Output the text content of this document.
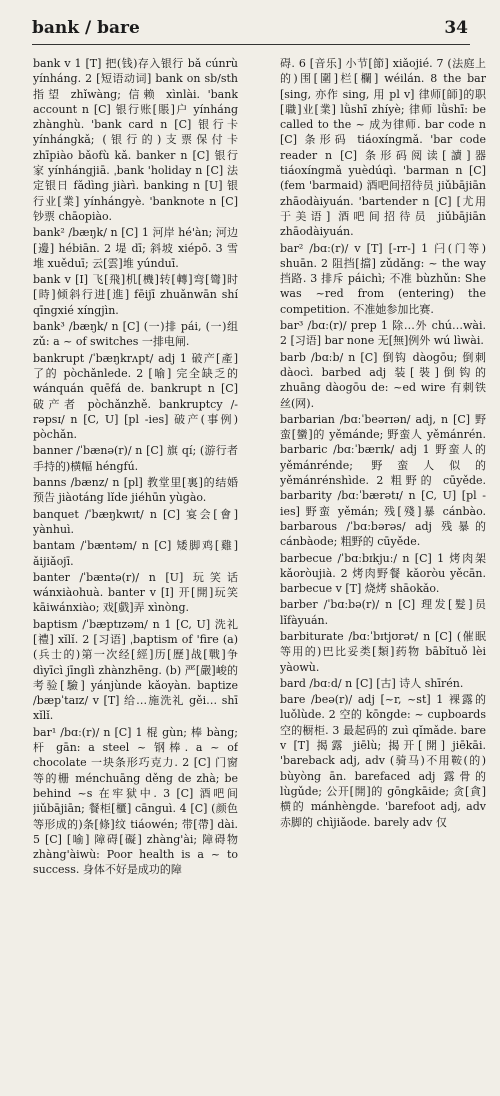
bank / bare	34

bank v 1 [T] 把(钱)存入银行 bǎ cúnrù yínháng. 2 [短语动词] bank on sb/sth 指望 zhǐwàng; 信赖 xìnlài. 'bank account n [C] 银行账[賬]户 yínháng zhànghù. 'bank card n [C] 银行卡 yínhángkǎ; (银行的)支票保付卡 zhīpiào bǎofù kǎ. banker n [C] 银行家 yínhángjiā. ˌbank 'holiday n [C] 法定银日 fǎdìng jiàrì. banking n [U] 银行业[業] yínhángyè. 'banknote n [C] 钞票 chāopiào.

bank² /bæŋk/ n [C] 1 河岸 hé'àn; 河边[邊] hébiān. 2 堤 dī; 斜坡 xiépō. 3 雪堆 xuěduī; 云[雲]堆 yúnduī.

bank v [I] 飞[飛]机[機]转[轉]弯[彎]时[時]倾斜行进[進] fēijī zhuǎnwān shí qīngxié xíngjìn.

bank³ /bæŋk/ n [C] (一)排 pái, (一)组 zǔ: a ~ of switches 一排电闸.

bankrupt /ˈbæŋkrʌpt/ adj 1 破产[產]了的 pòchǎnlede. 2 [喻] 完全缺乏的 wánquán quēfá de. bankrupt n [C] 破产者 pòchǎnzhě. bankruptcy /-rəpsɪ/ n [C, U] [pl -ies] 破产(事例) pòchǎn.

banner /ˈbænə(r)/ n [C] 旗 qí; (游行者手持的)横幅 héngfú.

banns /bænz/ n [pl] 教堂里[裏]的结婚预告 jiàotáng lǐde jiéhūn yùgào.

banquet /ˈbæŋkwɪt/ n [C] 宴会[會] yànhuì.

bantam /ˈbæntəm/ n [C] 矮脚鸡[雞] ǎijiǎojī.

banter /ˈbæntə(r)/ n [U] 玩笑话 wánxiàohuà. banter v [I] 开[開]玩笑 kāiwánxiào; 戏[戲]弄 xìnòng.

baptism /ˈbæptɪzəm/ n 1 [C, U] 洗礼[禮] xǐlǐ. 2 [习语] ˌbaptism of 'fire (a) (兵士的)第一次经[經]历[歷]战[戰]争 dìyīcì jīnglì zhànzhēng. (b) 严[嚴]峻的考验[驗] yánjùnde kǎoyàn. baptize /bæpˈtaɪz/ v [T] 给…施洗礼 gěi… shī xǐlǐ.

bar¹ /bɑː(r)/ n [C] 1 棍 gùn; 棒 bàng; 杆 gān: a steel ~ 钢棒. a ~ of chocolate 一块条形巧克力. 2 [C] 门窗等的栅 ménchuāng děng de zhà; be behind ~s 在牢狱中. 3 [C] 酒吧间 jiǔbājiān; 餐柜[櫃] cānguì. 4 [C] (颜色等形成的)条[條]纹 tiáowén; 带[帶] dài. 5 [C] [喻] 障碍[礙] zhàng'ài; 障碍物 zhàng'àiwù: Poor health is a ~ to success. 身体不好是成功的障

碍. 6 [音乐] 小节[節] xiǎojié. 7 (法庭上的)围[圍]栏[欄] wéilán. 8 the bar [sing, 亦作 sing, 用 pl v] 律师[師]的职[職]业[業] lǜshī zhíyè; 律师 lǜshī: be called to the ~ 成为律师. bar code n [C] 条形码 tiáoxíngmǎ. 'bar code reader n [C] 条形码阅读[讀]器 tiáoxíngmǎ yuèdúqì. 'barman n [C] (fem 'barmaid) 酒吧间招待员 jiǔbājiān zhāodàiyuán. 'bartender n [C] [尤用于美语] 酒吧间招待员 jiǔbājiān zhāodàiyuán.

bar² /bɑː(r)/ v [T] [-rr-] 1 闩(门等) shuān. 2 阻挡[擋] zǔdǎng: ~ the way 挡路. 3 排斥 páichì; 不准 bùzhǔn: She was ~red from (entering) the competition. 不准她参加比赛.

bar³ /bɑː(r)/ prep 1 除…外 chú…wài. 2 [习语] bar none 无[無]例外 wú lìwài.

barb /bɑːb/ n [C] 倒钩 dàogōu; 倒刺 dàocì. barbed adj 装[裝]倒钩的 zhuāng dàogōu de: ~ed wire 有刺铁丝(网).

barbarian /bɑːˈbeərɪən/ adj, n [C] 野蛮[蠻]的 yěmánde; 野蛮人 yěmánrén. barbaric /bɑːˈbærɪk/ adj 1 野蛮人的 yěmánrénde; 野蛮人似的 yěmánrénshìde. 2 粗野的 cūyěde. barbarity /bɑːˈbærətɪ/ n [C, U] [pl -ies] 野蛮 yěmán; 残[殘]暴 cánbào. barbarous /ˈbɑːbərəs/ adj 残暴的 cánbàode; 粗野的 cūyěde.

barbecue /ˈbɑːbɪkjuː/ n [C] 1 烤肉架 kǎoròujià. 2 烤肉野餐 kǎoròu yěcān. barbecue v [T] 烧烤 shāokǎo.

barber /ˈbɑːbə(r)/ n [C] 理发[髮]员 lǐfàyuán.

barbiturate /bɑːˈbɪtjʊrət/ n [C] (催眠等用的)巴比妥类[類]药物 bābǐtuǒ lèi yàowù.

bard /bɑːd/ n [C] [古] 诗人 shīrén.

bare /beə(r)/ adj [~r, ~st] 1 裸露的 luǒlùde. 2 空的 kōngde: ~ cupboards 空的橱柜. 3 最起码的 zuì qǐmǎde. bare v [T] 揭露 jiēlù; 揭开[開] jiēkāi. 'bareback adj, adv (骑马)不用鞍(的) bùyòng ān. barefaced adj 露骨的 lùgǔde; 公开[開]的 gōngkāide; 贪[貪]横的 mánhèngde. 'barefoot adj, adv 赤脚的 chìjiǎode. barely adv 仅
